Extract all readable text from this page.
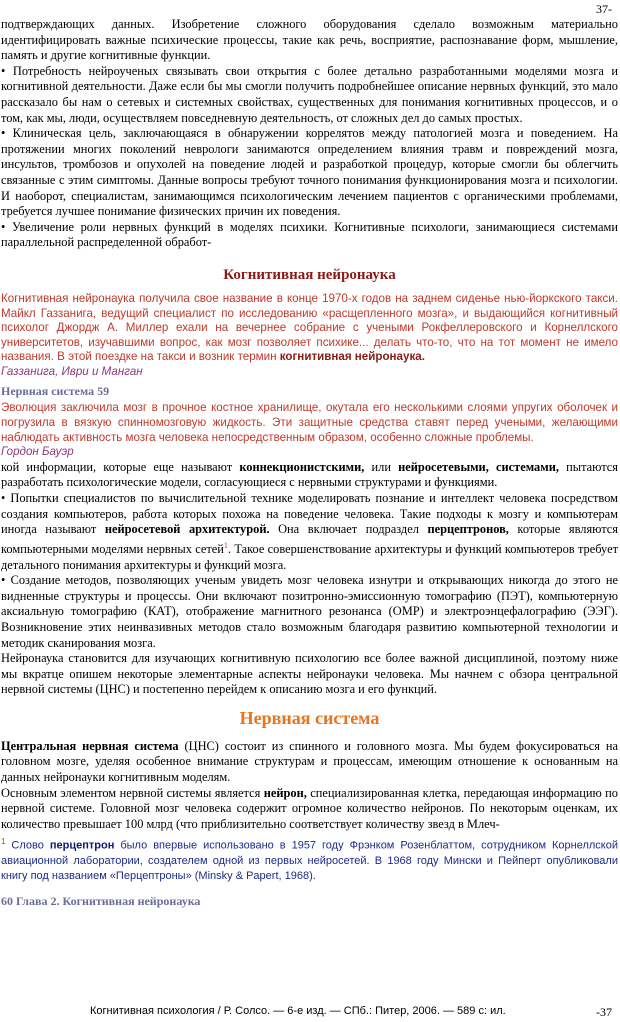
37-

подтверждающих данных. Изобретение сложного оборудования сделало возможным материально идентифицировать важные психические процессы, такие как речь, восприятие, распознавание форм, мышление, память и другие когнитивные функции.

• Потребность нейроученых связывать свои открытия с более детально разработанными моделями мозга и когнитивной деятельности. Даже если бы мы смогли получить подробнейшее описание нервных функций, это мало рассказало бы нам о сетевых и системных свойствах, существенных для понимания когнитивных процессов, и о том, как мы, люди, осуществляем повседневную деятельность, от сложных дел до самых простых.

• Клиническая цель, заключающаяся в обнаружении коррелятов между патологией мозга и поведением. На протяжении многих поколений неврологи занимаются определением влияния травм и повреждений мозга, инсультов, тромбозов и опухолей на поведение людей и разработкой процедур, которые смогли бы облегчить связанные с этим симптомы. Данные вопросы требуют точного понимания функционирования мозга и психологии. И наоборот, специалистам, занимающимся психологическим лечением пациентов с органическими проблемами, требуется лучшее понимание физических причин их поведения.

• Увеличение роли нервных функций в моделях психики. Когнитивные психологи, занимающиеся системами параллельной распределенной обработ-

Когнитивная нейронаука

Когнитивная нейронаука получила свое название в конце 1970-х годов на заднем сиденье нью-йоркского такси. Майкл Газзанига, ведущий специалист по исследованию «расщепленного мозга», и выдающийся когнитивный психолог Джордж А. Миллер ехали на вечернее собрание с учеными Рокфеллеровского и Корнеллского университетов, изучавшими вопрос, как мозг позволяет психике... делать что-то, что на тот момент не имело названия. В этой поездке на такси и возник термин когнитивная нейронаука.

Газзанига, Иври и Манган

Нервная система 59

Эволюция заключила мозг в прочное костное хранилище, окутала его несколькими слоями упругих оболочек и погрузила в вязкую спинномозговую жидкость. Эти защитные средства ставят перед учеными, желающими наблюдать активность мозга человека непосредственным образом, особенно сложные проблемы.

Гордон Бауэр

кой информации, которые еще называют коннекционистскими, или нейросетевыми, системами, пытаются разработать психологические модели, согласующиеся с нервными структурами и функциями.

• Попытки специалистов по вычислительной технике моделировать познание и интеллект человека посредством создания компьютеров, работа которых похожа на поведение человека. Такие подходы к мозгу и компьютерам иногда называют нейросетевой архитектурой. Она включает подраздел перцептронов, которые являются компьютерными моделями нервных сетей$^1$. Такое совершенствование архитектуры и функций компьютеров требует детального понимания архитектуры и функций мозга.

• Создание методов, позволяющих ученым увидеть мозг человека изнутри и открывающих никогда до этого не видненные структуры и процессы. Они включают позитронно-эмиссионную томографию (ПЭТ), компьютерную аксиальную томографию (КАТ), отображение магнитного резонанса (ОМР) и электроэнцефалографию (ЭЭГ). Возникновение этих неинвазивных методов стало возможным благодаря развитию компьютерной технологии и методик сканирования мозга.

Нейронаука становится для изучающих когнитивную психологию все более важной дисциплиной, поэтому ниже мы вкратце опишем некоторые элементарные аспекты нейронауки человека. Мы начнем с обзора центральной нервной системы (ЦНС) и постепенно перейдем к описанию мозга и его функций.

Нервная система

Центральная нервная система (ЦНС) состоит из спинного и головного мозга. Мы будем фокусироваться на головном мозге, уделяя особенное внимание структурам и процессам, имеющим отношение к основанным на данных нейронауки когнитивным моделям.

Основным элементом нервной системы является нейрон, специализированная клетка, передающая информацию по нервной системе. Головной мозг человека содержит огромное количество нейронов. По некоторым оценкам, их количество превышает 100 млрд (что приблизительно соответствует количеству звезд в Млеч-

$^1$ Слово перцептрон было впервые использовано в 1957 году Фрэнком Розенблаттом, сотрудником Корнеллской авиационной лаборатории, создателем одной из первых нейросетей. В 1968 году Мински и Пейперт опубликовали книгу под названием «Перцептроны» (Minsky & Papert, 1968).

60 Глава 2. Когнитивная нейронаука

Когнитивная психология / Р. Солсо. — 6-е изд. — СПб.: Питер, 2006. — 589 с: ил.	-37
